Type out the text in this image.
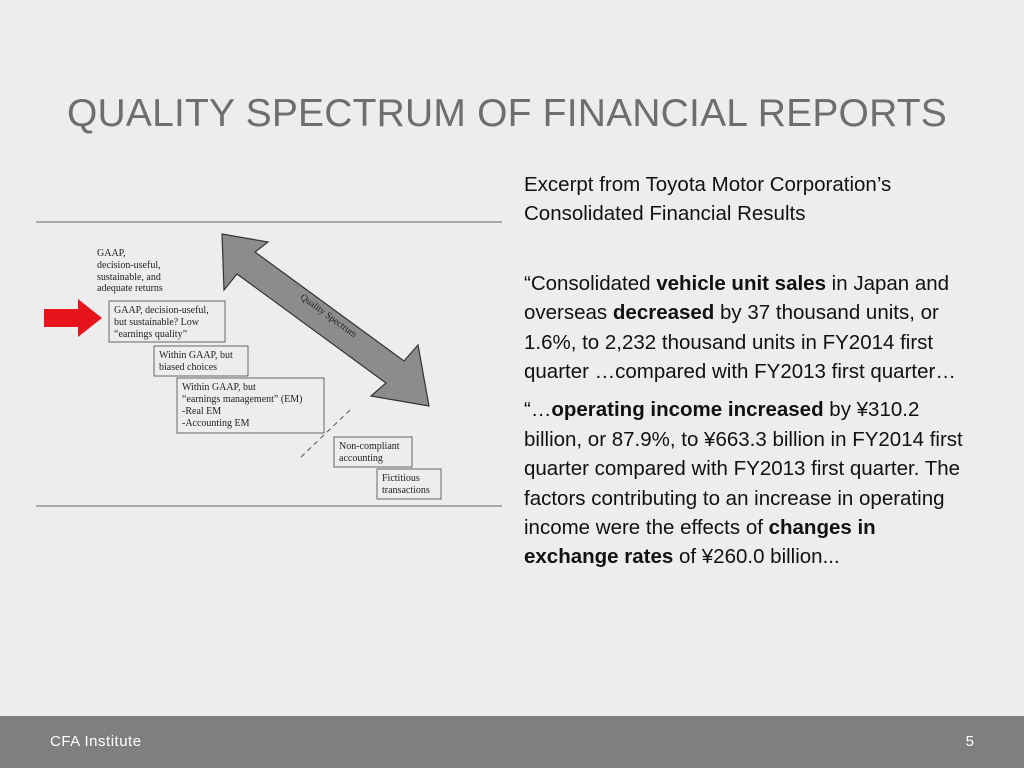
QUALITY SPECTRUM OF FINANCIAL REPORTS
Quality Spectrum
GAAP,
decision-useful,
sustainable, and
adequate returns
GAAP, decision-useful,
but sustainable? Low
“earnings quality”
Within GAAP, but
biased choices
Within GAAP, but
“earnings management” (EM)
-Real EM
-Accounting EM
Non-compliant
accounting
Fictitious
transactions

Excerpt from Toyota Motor Corporation’s Consolidated Financial Results

“Consolidated vehicle unit sales in Japan and overseas decreased by 37 thousand units, or 1.6%, to 2,232 thousand units in FY2014 first quarter …compared with FY2013 first quarter…

“…operating income increased by ¥310.2 billion, or 87.9%, to ¥663.3 billion in FY2014 first quarter compared with FY2013 first quarter. The factors contributing to an increase in operating income were the effects of changes in exchange rates of ¥260.0 billion...

CFA Institute	5
